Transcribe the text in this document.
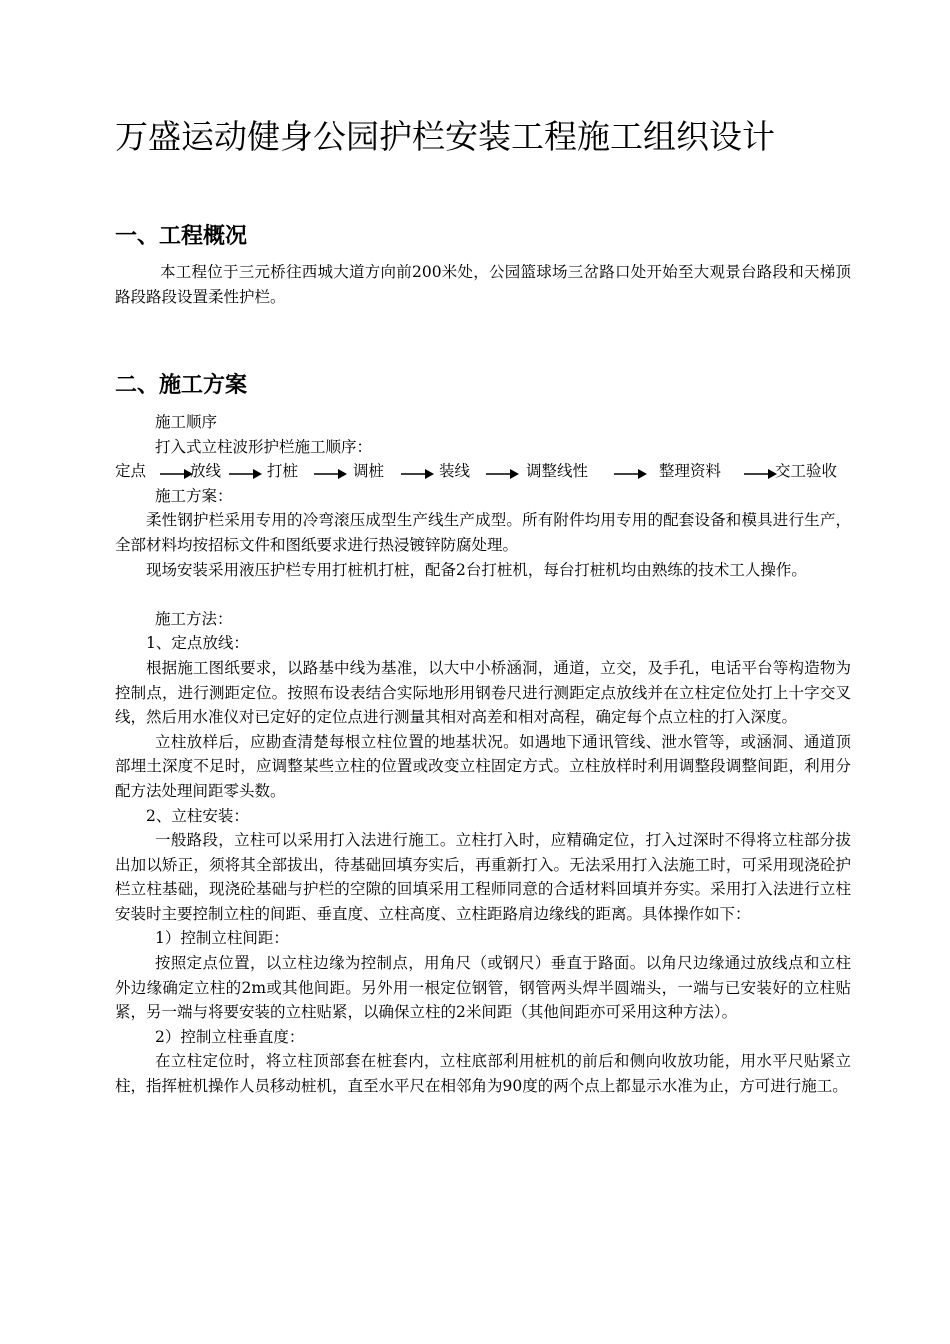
万盛运动健身公园护栏安装工程施工组织设计
一、工程概况

本工程位于三元桥往西城大道方向前200米处，公园篮球场三岔路口处开始至大观景台路段和天梯顶路段路段设置柔性护栏。

二、施工方案

施工顺序

打入式立柱波形护栏施工顺序：

定点	放线	打桩	调桩	装线	调整线性	整理资料	交工验收

施工方案：

柔性钢护栏采用专用的冷弯滚压成型生产线生产成型。所有附件均用专用的配套设备和模具进行生产，全部材料均按招标文件和图纸要求进行热浸镀锌防腐处理。

现场安装采用液压护栏专用打桩机打桩，配备2台打桩机，每台打桩机均由熟练的技术工人操作。

施工方法：

1、定点放线：

根据施工图纸要求，以路基中线为基准，以大中小桥涵洞，通道，立交，及手孔，电话平台等构造物为控制点，进行测距定位。按照布设表结合实际地形用钢卷尺进行测距定点放线并在立柱定位处打上十字交叉线，然后用水准仪对已定好的定位点进行测量其相对高差和相对高程，确定每个点立柱的打入深度。

立柱放样后，应勘查清楚每根立柱位置的地基状况。如遇地下通讯管线、泄水管等，或涵洞、通道顶部埋土深度不足时，应调整某些立柱的位置或改变立柱固定方式。立柱放样时利用调整段调整间距，利用分配方法处理间距零头数。

2、立柱安装：

一般路段，立柱可以采用打入法进行施工。立柱打入时，应精确定位，打入过深时不得将立柱部分拔出加以矫正，须将其全部拔出，待基础回填夯实后，再重新打入。无法采用打入法施工时，可采用现浇砼护栏立柱基础，现浇砼基础与护栏的空隙的回填采用工程师同意的合适材料回填并夯实。采用打入法进行立柱安装时主要控制立柱的间距、垂直度、立柱高度、立柱距路肩边缘线的距离。具体操作如下：

1）控制立柱间距：

按照定点位置，以立柱边缘为控制点，用角尺（或钢尺）垂直于路面。以角尺边缘通过放线点和立柱外边缘确定立柱的2m或其他间距。另外用一根定位钢管，钢管两头焊半圆端头，一端与已安装好的立柱贴紧，另一端与将要安装的立柱贴紧，以确保立柱的2米间距（其他间距亦可采用这种方法）。

2）控制立柱垂直度：

在立柱定位时，将立柱顶部套在桩套内，立柱底部利用桩机的前后和侧向收放功能，用水平尺贴紧立柱，指挥桩机操作人员移动桩机，直至水平尺在相邻角为90度的两个点上都显示水准为止，方可进行施工。
